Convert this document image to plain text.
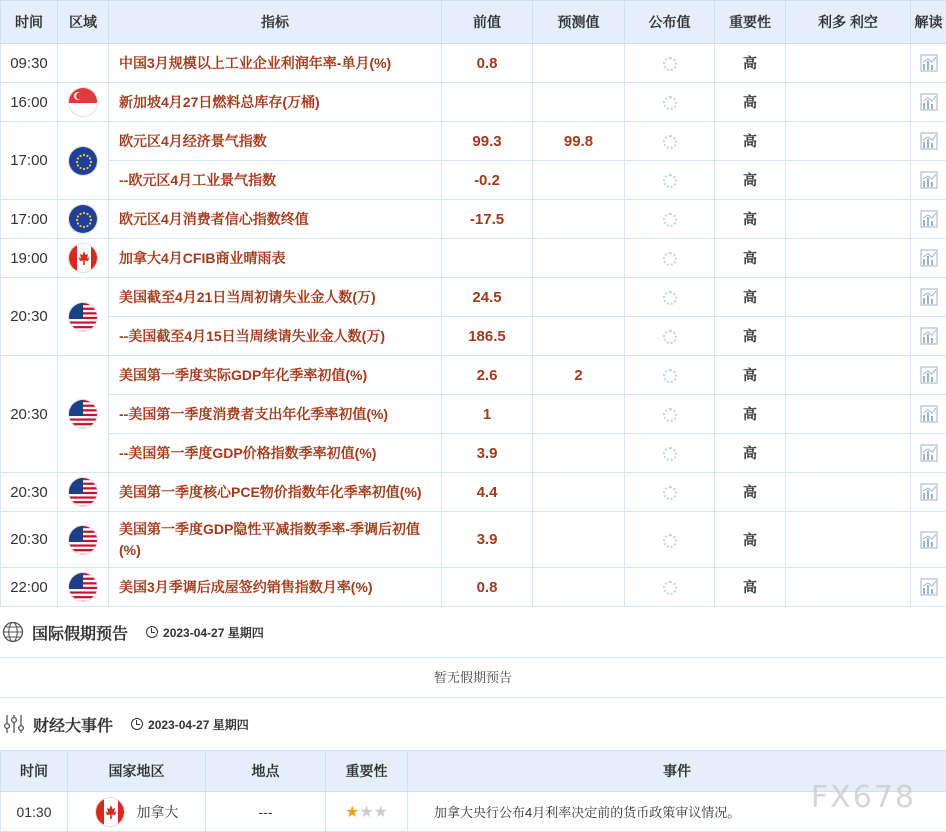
时间	区域	指标	前值	预测值	公布值	重要性	利多 利空	解读
09:30		中国3月规模以上工业企业利润年率-单月(%)	0.8			高		
16:00		新加坡4月27日燃料总库存(万桶)				高		
17:00		欧元区4月经济景气指数	99.3	99.8		高		
		--欧元区4月工业景气指数	-0.2			高		
17:00		欧元区4月消费者信心指数终值	-17.5			高		
19:00		加拿大4月CFIB商业晴雨表				高		
20:30		美国截至4月21日当周初请失业金人数(万)	24.5			高		
		--美国截至4月15日当周续请失业金人数(万)	186.5			高		
20:30		美国第一季度实际GDP年化季率初值(%)	2.6	2		高		
		--美国第一季度消费者支出年化季率初值(%)	1			高		
		--美国第一季度GDP价格指数季率初值(%)	3.9			高		
20:30		美国第一季度核心PCE物价指数年化季率初值(%)	4.4			高		
20:30		美国第一季度GDP隐性平减指数季率-季调后初值(%)	3.9			高		
22:00		美国3月季调后成屋签约销售指数月率(%)	0.8			高		
国际假期预告	2023-04-27 星期四
暂无假期预告
财经大事件	2023-04-27 星期四
时间	国家地区	地点	重要性	事件
01:30	加拿大	---	★★★	加拿大央行公布4月利率决定前的货币政策审议情况。 FX678
